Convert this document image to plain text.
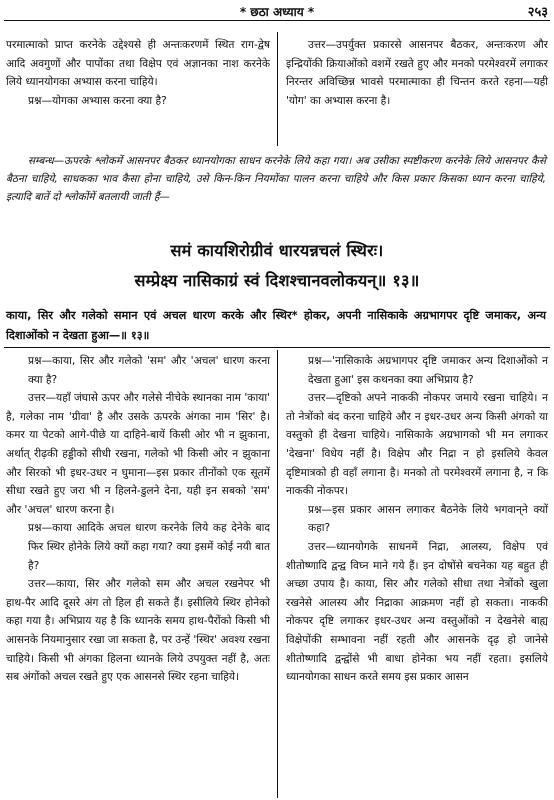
* छठा अध्याय *	२५३

परमात्माको प्राप्त करनेके उद्देश्यसे ही अन्तःकरणमें स्थित राग-द्वेष आदि अवगुणों और पापोंका तथा विक्षेप एवं अज्ञानका नाश करनेके लिये ध्यानयोगका अभ्यास करना चाहिये।

प्रश्न—योगका अभ्यास करना क्या है?

उत्तर—उपर्युक्त प्रकारसे आसनपर बैठकर, अन्तःकरण और इन्द्रियोंकी क्रियाओंको वशमें रखते हुए और मनको परमेश्वरमें लगाकर निरन्तर अविच्छिन्न भावसे परमात्माका ही चिन्तन करते रहना—यही 'योग' का अभ्यास करना है।

सम्बन्ध—ऊपरके श्लोकमें आसनपर बैठकर ध्यानयोगका साधन करनेके लिये कहा गया। अब उसीका स्पष्टीकरण करनेके लिये आसनपर कैसे बैठना चाहिये, साधकका भाव कैसा होना चाहिये, उसे किन-किन नियमोंका पालन करना चाहिये और किस प्रकार किसका ध्यान करना चाहिये, इत्यादि बातें दो श्लोकोंमें बतलायी जाती हैं—
समं कायशिरोग्रीवं धारयन्नचलं स्थिरः।
सम्प्रेक्ष्य नासिकाग्रं स्वं दिशश्चानवलोकयन्॥ १३॥
काया, सिर और गलेको समान एवं अचल धारण करके और स्थिर* होकर, अपनी नासिकाके अग्रभागपर दृष्टि जमाकर, अन्य दिशाओंको न देखता हुआ—॥ १३॥

प्रश्न—काया, सिर और गलेको 'सम' और 'अचल' धारण करना क्या है?

उत्तर—यहाँ जंघासे ऊपर और गलेसे नीचेके स्थानका नाम 'काया' है, गलेका नाम 'ग्रीवा' है और उसके ऊपरके अंगका नाम 'सिर' है। कमर या पेटको आगे-पीछे या दाहिने-बायें किसी ओर भी न झुकाना, अर्थात् रीढ़की हड्डीको सीधी रखना, गलेको भी किसी ओर न झुकाना और सिरको भी इधर-उधर न घुमाना—इस प्रकार तीनोंको एक सूतमें सीधा रखते हुए जरा भी न हिलने-डुलने देना, यही इन सबको 'सम' और 'अचल' धारण करना है।

प्रश्न—काया आदिके अचल धारण करनेके लिये कह देनेके बाद फिर स्थिर होनेके लिये क्यों कहा गया? क्या इसमें कोई नयी बात है?

उत्तर—काया, सिर और गलेको सम और अचल रखनेपर भी हाथ-पैर आदि दूसरे अंग तो हिल ही सकते हैं। इसीलिये स्थिर होनेको कहा गया है। अभिप्राय यह है कि ध्यानके समय हाथ-पैरोंको किसी भी आसनके नियमानुसार रखा जा सकता है, पर उन्हें 'स्थिर' अवश्य रखना चाहिये। किसी भी अंगका हिलना ध्यानके लिये उपयुक्त नहीं है, अतः सब अंगोंको अचल रखते हुए एक आसनसे स्थिर रहना चाहिये।

प्रश्न—'नासिकाके अग्रभागपर दृष्टि जमाकर अन्य दिशाओंको न देखता हुआ' इस कथनका क्या अभिप्राय है?

उत्तर—दृष्टिको अपने नाककी नोकपर जमाये रखना चाहिये। न तो नेत्रोंको बंद करना चाहिये और न इधर-उधर अन्य किसी अंगको या वस्तुको ही देखना चाहिये। नासिकाके अग्रभागको भी मन लगाकर 'देखना' विधेय नहीं है। विक्षेप और निद्रा न हो इसलिये केवल दृष्टिमात्रको ही वहाँ लगाना है। मनको तो परमेश्वरमें लगाना है, न कि नाककी नोकपर।

प्रश्न—इस प्रकार आसन लगाकर बैठनेके लिये भगवान्‌ने क्यों कहा?

उत्तर—ध्यानयोगके साधनमें निद्रा, आलस्य, विक्षेप एवं शीतोष्णादि द्वन्द्व विघ्न माने गये हैं। इन दोषोंसे बचनेका यह बहुत ही अच्छा उपाय है। काया, सिर और गलेको सीधा तथा नेत्रोंको खुला रखनेसे आलस्य और निद्राका आक्रमण नहीं हो सकता। नाककी नोकपर दृष्टि लगाकर इधर-उधर अन्य वस्तुओंको न देखनेसे बाह्य विक्षेपोंकी सम्भावना नहीं रहती और आसनके दृढ़ हो जानेसे शीतोष्णादि द्वन्द्वोंसे भी बाधा होनेका भय नहीं रहता। इसलिये ध्यानयोगका साधन करते समय इस प्रकार आसन
